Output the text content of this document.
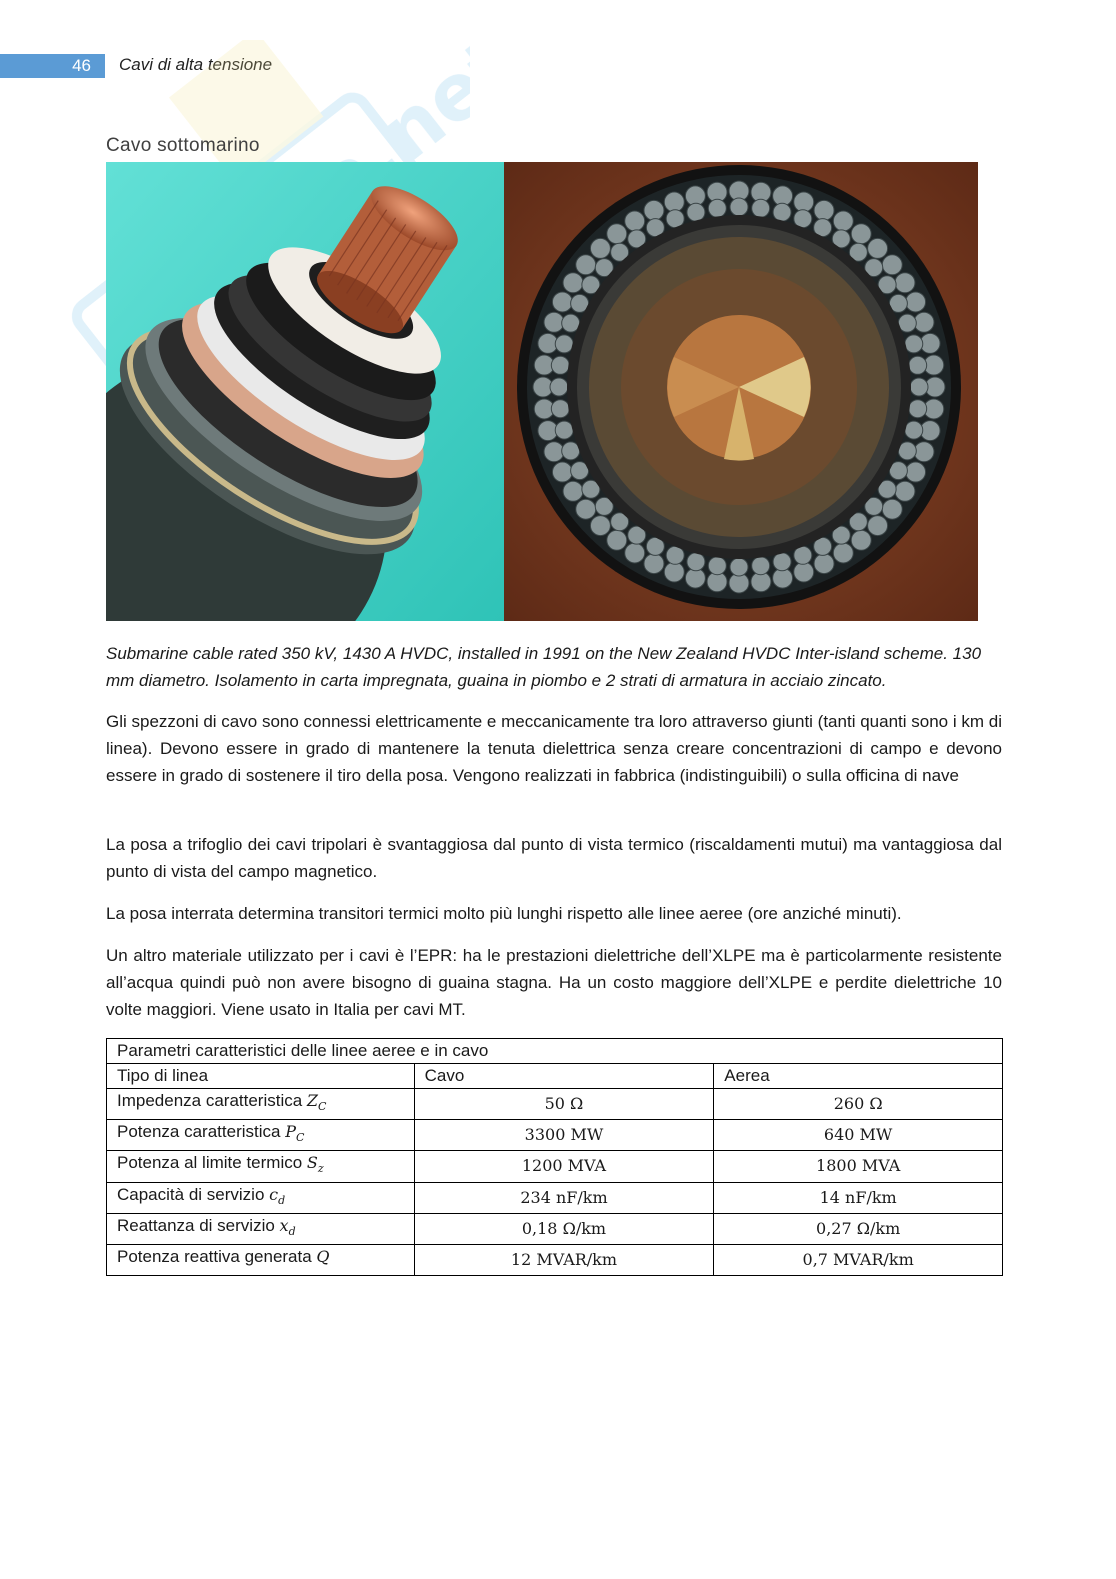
46	Cavi di alta tensione
Cavo sottomarino
Submarine cable rated 350 kV, 1430 A HVDC, installed in 1991 on the New Zealand HVDC Inter-island scheme. 130 mm diametro. Isolamento in carta impregnata, guaina in piombo e 2 strati di armatura in acciaio zincato.

Gli spezzoni di cavo sono connessi elettricamente e meccanicamente tra loro attraverso giunti (tanti quanti sono i km di linea). Devono essere in grado di mantenere la tenuta dielettrica senza creare concentrazioni di campo e devono essere in grado di sostenere il tiro della posa. Vengono realizzati in fabbrica (indistinguibili) o sulla officina di nave

La posa a trifoglio dei cavi tripolari è svantaggiosa dal punto di vista termico (riscaldamenti mutui) ma vantaggiosa dal punto di vista del campo magnetico.

La posa interrata determina transitori termici molto più lunghi rispetto alle linee aeree (ore anziché minuti).

Un altro materiale utilizzato per i cavi è l’EPR: ha le prestazioni dielettriche dell’XLPE ma è particolarmente resistente all’acqua quindi può non avere bisogno di guaina stagna. Ha un costo maggiore dell’XLPE e perdite dielettriche 10 volte maggiori. Viene usato in Italia per cavi MT.

Parametri caratteristici delle linee aeree e in cavo		
Tipo di linea	Cavo	Aerea
Impedenza caratteristica $Z_C$	50 Ω	260 Ω
Potenza caratteristica $P_C$	3300 MW	640 MW
Potenza al limite termico $S_z$	1200 MVA	1800 MVA
Capacità di servizio $c_d$	234 nF/km	14 nF/km
Reattanza di servizio $x_d$	0,18 Ω/km	0,27 Ω/km
Potenza reattiva generata Q	12 MVAR/km	0,7 MVAR/km
